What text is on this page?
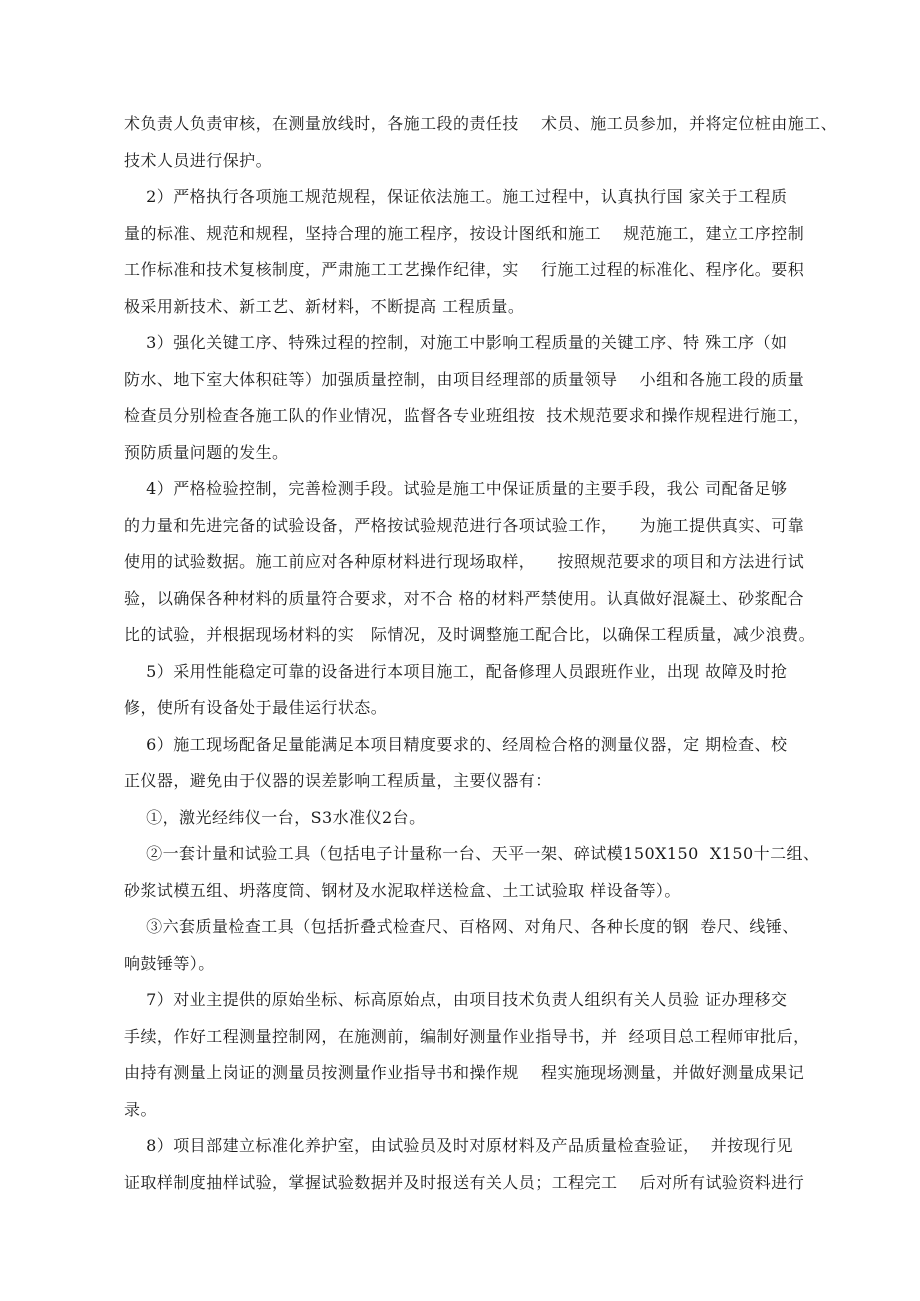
术负责人负责审核，在测量放线时，各施工段的责任技    术员、施工员参加，并将定位桩由施工、

技术人员进行保护。

2）严格执行各项施工规范规程，保证依法施工。施工过程中，认真执行国 家关于工程质

量的标准、规范和规程，坚持合理的施工程序，按设计图纸和施工    规范施工，建立工序控制

工作标准和技术复核制度，严肃施工工艺操作纪律，实    行施工过程的标准化、程序化。要积

极采用新技术、新工艺、新材料，不断提高 工程质量。

3）强化关键工序、特殊过程的控制，对施工中影响工程质量的关键工序、特 殊工序（如

防水、地下室大体积砫等）加强质量控制，由项目经理部的质量领导    小组和各施工段的质量

检查员分别检查各施工队的作业情况，监督各专业班组按  技术规范要求和操作规程进行施工，

预防质量问题的发生。

4）严格检验控制，完善检测手段。试验是施工中保证质量的主要手段，我公 司配备足够

的力量和先进完备的试验设备，严格按试验规范进行各项试验工作，    为施工提供真实、可靠

使用的试验数据。施工前应对各种原材料进行现场取样，    按照规范要求的项目和方法进行试

验，以确保各种材料的质量符合要求，对不合 格的材料严禁使用。认真做好混凝土、砂浆配合

比的试验，并根据现场材料的实   际情况，及时调整施工配合比，以确保工程质量，减少浪费。

5）采用性能稳定可靠的设备进行本项目施工，配备修理人员跟班作业，出现 故障及时抢

修，使所有设备处于最佳运行状态。

6）施工现场配备足量能满足本项目精度要求的、经周检合格的测量仪器，定 期检查、校

正仪器，避免由于仪器的误差影响工程质量，主要仪器有：

①，激光经纬仪一台，S3水准仪2台。

②一套计量和试验工具（包括电子计量称一台、天平一架、碎试模150X150  X150十二组、

砂浆试模五组、坍落度筒、钢材及水泥取样送检盒、土工试验取 样设备等）。

③六套质量检查工具（包括折叠式检查尺、百格网、对角尺、各种长度的钢  卷尺、线锤、

响鼓锤等）。

7）对业主提供的原始坐标、标高原始点，由项目技术负责人组织有关人员验 证办理移交

手续，作好工程测量控制网，在施测前，编制好测量作业指导书，并  经项目总工程师审批后，

由持有测量上岗证的测量员按测量作业指导书和操作规    程实施现场测量，并做好测量成果记

录。

8）项目部建立标准化养护室，由试验员及时对原材料及产品质量检查验证，  并按现行见

证取样制度抽样试验，掌握试验数据并及时报送有关人员；工程完工    后对所有试验资料进行
